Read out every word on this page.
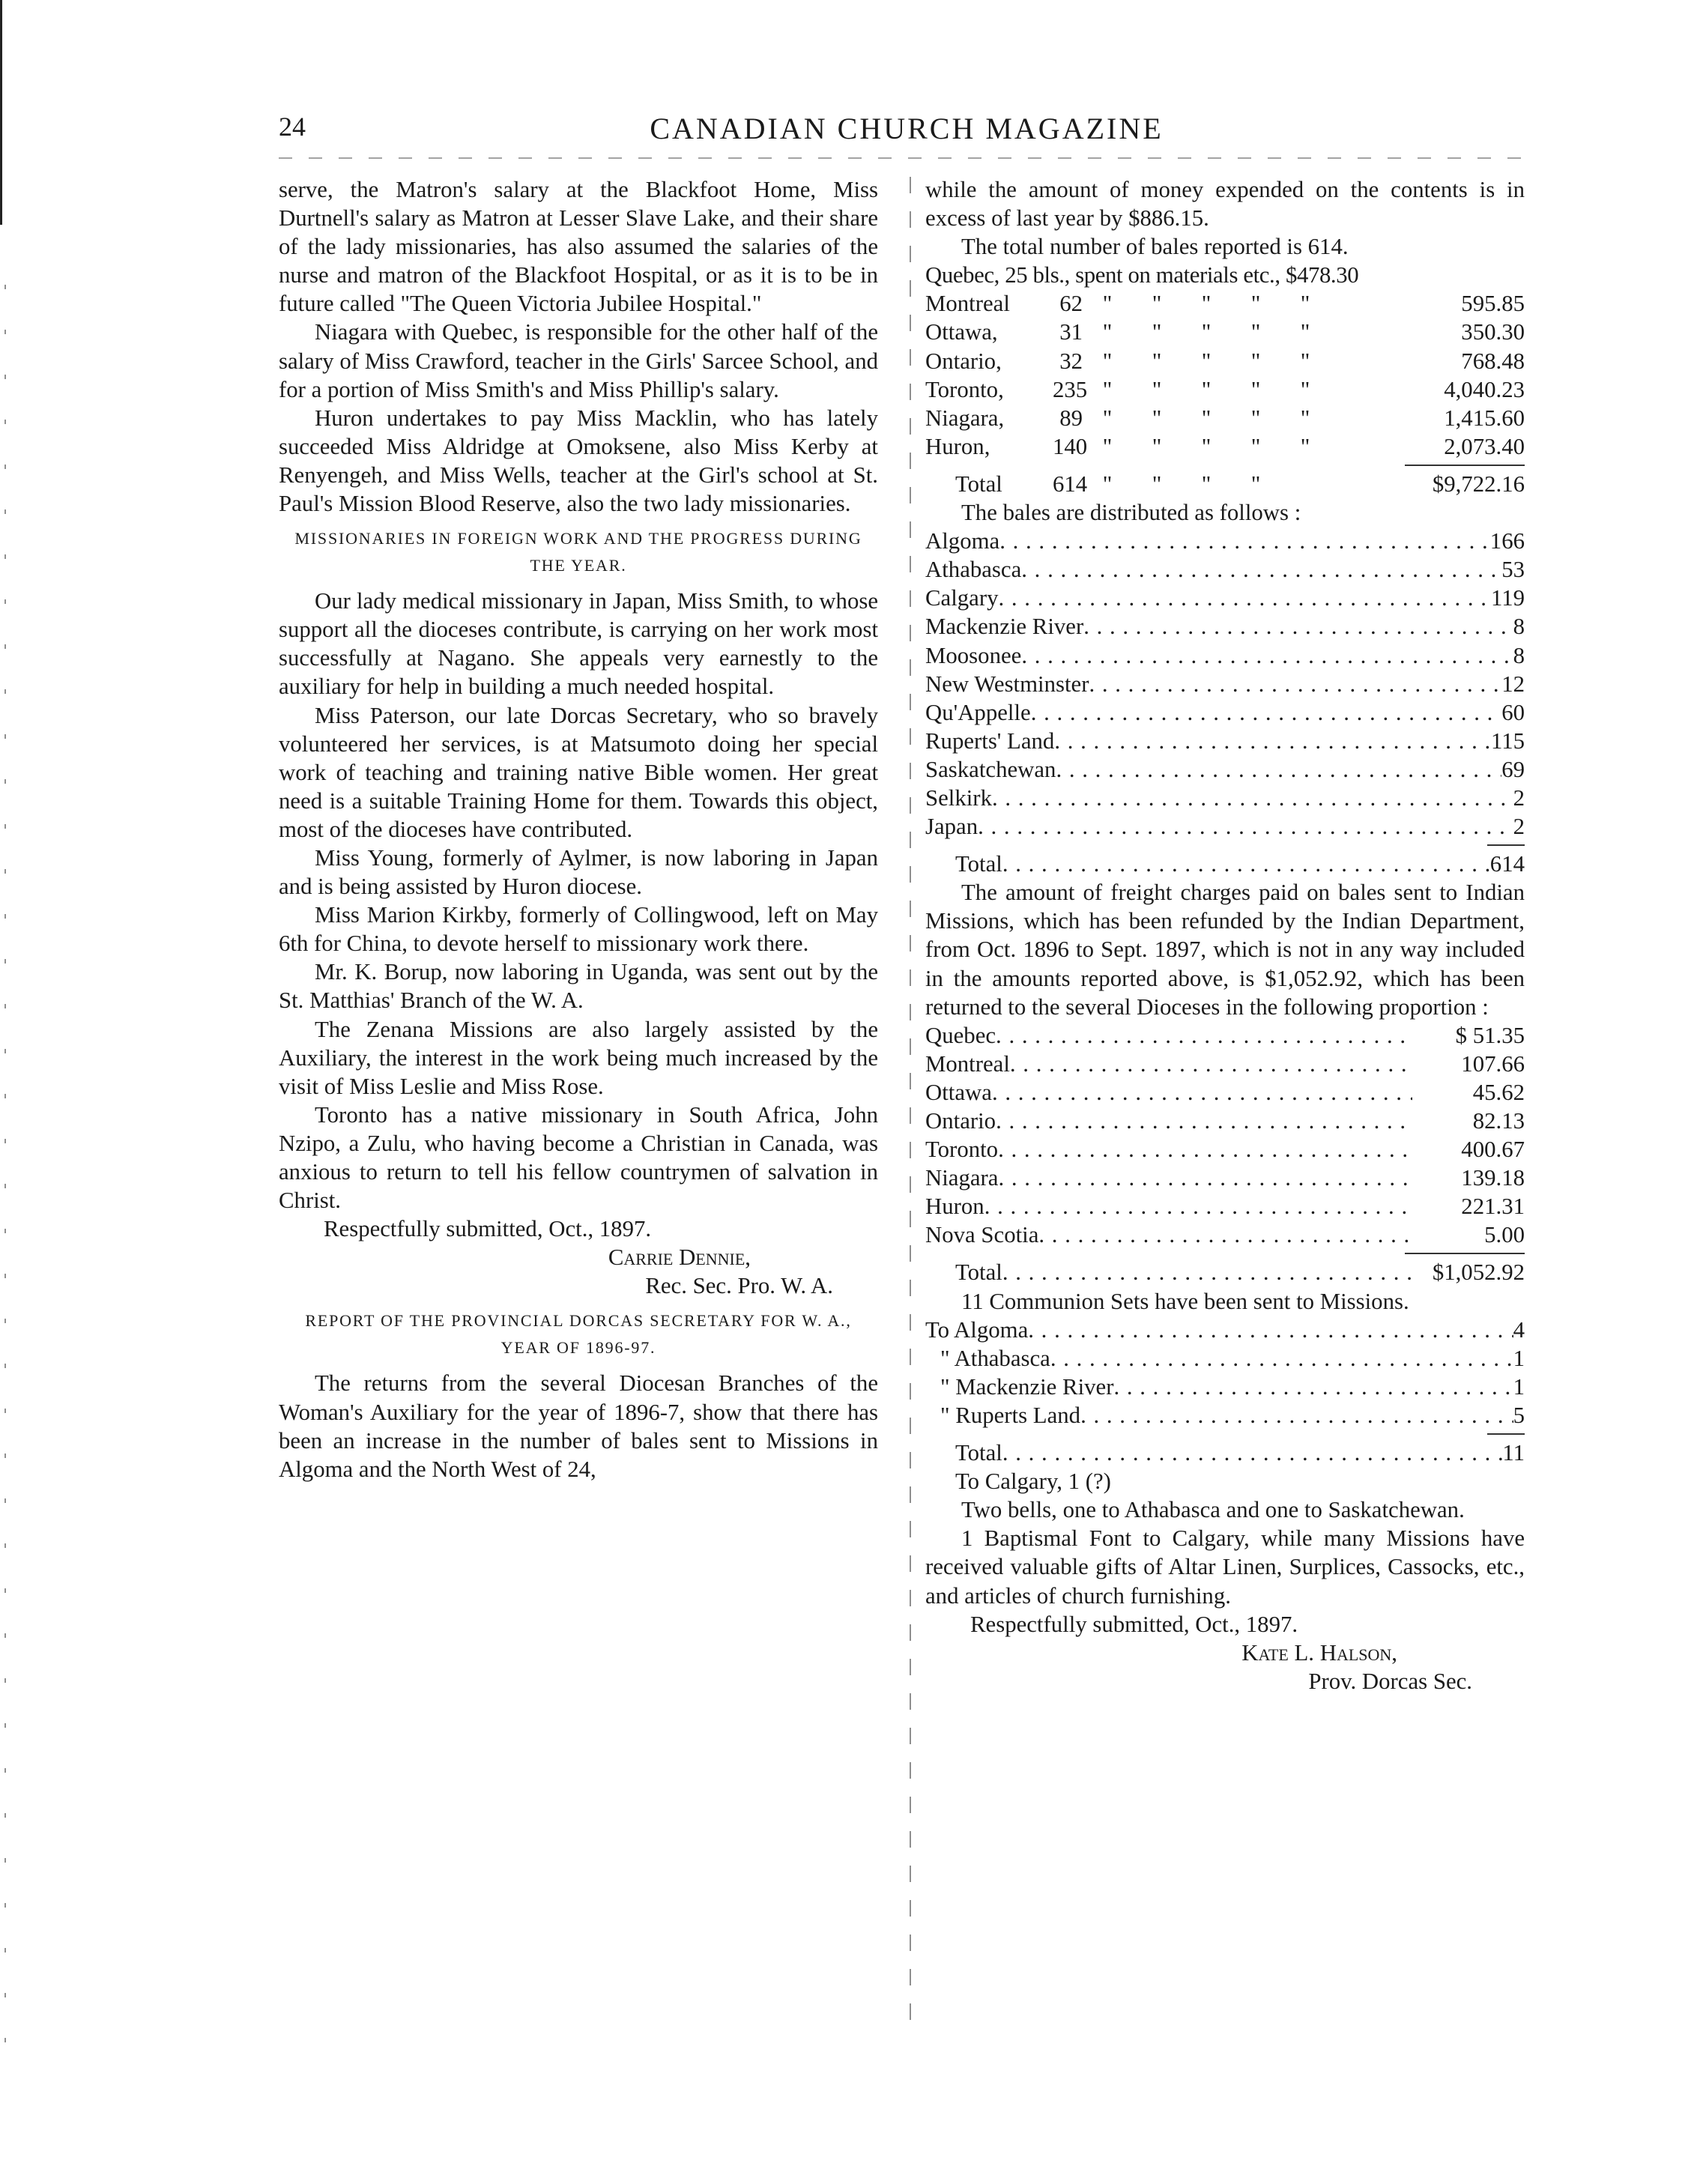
24	CANADIAN CHURCH MAGAZINE

serve, the Matron's salary at the Blackfoot Home, Miss Durtnell's salary as Matron at Lesser Slave Lake, and their share of the lady missionaries, has also assumed the salaries of the nurse and matron of the Blackfoot Hospital, or as it is to be in future called "The Queen Victoria Jubilee Hospital."

Niagara with Quebec, is responsible for the other half of the salary of Miss Crawford, teacher in the Girls' Sarcee School, and for a portion of Miss Smith's and Miss Phillip's salary.

Huron undertakes to pay Miss Macklin, who has lately succeeded Miss Aldridge at Omoksene, also Miss Kerby at Renyengeh, and Miss Wells, teacher at the Girl's school at St. Paul's Mission Blood Reserve, also the two lady missionaries.

MISSIONARIES IN FOREIGN WORK AND THE PROGRESS DURING THE YEAR.

Our lady medical missionary in Japan, Miss Smith, to whose support all the dioceses contribute, is carrying on her work most successfully at Nagano. She appeals very earnestly to the auxiliary for help in building a much needed hospital.

Miss Paterson, our late Dorcas Secretary, who so bravely volunteered her services, is at Matsumoto doing her special work of teaching and training native Bible women. Her great need is a suitable Training Home for them. Towards this object, most of the dioceses have contributed.

Miss Young, formerly of Aylmer, is now laboring in Japan and is being assisted by Huron diocese.

Miss Marion Kirkby, formerly of Collingwood, left on May 6th for China, to devote herself to missionary work there.

Mr. K. Borup, now laboring in Uganda, was sent out by the St. Matthias' Branch of the W. A.

The Zenana Missions are also largely assisted by the Auxiliary, the interest in the work being much increased by the visit of Miss Leslie and Miss Rose.

Toronto has a native missionary in South Africa, John Nzipo, a Zulu, who having become a Christian in Canada, was anxious to return to tell his fellow countrymen of salvation in Christ.

Respectfully submitted, Oct., 1897.
Carrie Dennie,
Rec. Sec. Pro. W. A.
REPORT OF THE PROVINCIAL DORCAS SECRETARY FOR W. A., YEAR OF 1896-97.

The returns from the several Diocesan Branches of the Woman's Auxiliary for the year of 1896-7, show that there has been an increase in the number of bales sent to Missions in Algoma and the North West of 24,

while the amount of money expended on the contents is in excess of last year by $886.15.

The total number of bales reported is 614.

Quebec, 25 bls., spent on materials etc., $478.30
Montreal	62 "	"	"	"	"	595.85
Ottawa,	31 "	"	"	"	"	350.30
Ontario,	32 "	"	"	"	"	768.48
Toronto,	235 "	"	"	"	"	4,040.23
Niagara,	89 "	"	"	"	"	1,415.60
Huron,	140 "	"	"	"	"	2,073.40
Total	614 "	"	"	"	$9,722.16

The bales are distributed as follows :

Algoma . . .	166
Athabasca . . .	53
Calgary . . .	119
Mackenzie River . . .	8
Moosonee . . .	8
New Westminster . . .	12
Qu'Appelle . . .	60
Ruperts' Land . . .	115
Saskatchewan . . .	69
Selkirk . . .	2
Japan . . .	2
Total . . .	614

The amount of freight charges paid on bales sent to Indian Missions, which has been refunded by the Indian Department, from Oct. 1896 to Sept. 1897, which is not in any way included in the amounts reported above, is $1,052.92, which has been returned to the several Dioceses in the following proportion :

Quebec . . .	$ 51.35
Montreal . . .	107.66
Ottawa . . .	45.62
Ontario . . .	82.13
Toronto . . .	400.67
Niagara . . .	139.18
Huron . . .	221.31
Nova Scotia . . .	5.00
Total . . .	$1,052.92

11 Communion Sets have been sent to Missions.

To Algoma . . .	4
" Athabasca . . .	1
" Mackenzie River . . .	1
" Ruperts Land . . .	5
Total . . .	11
To Calgary, 1 (?)

Two bells, one to Athabasca and one to Saskatchewan.

1 Baptismal Font to Calgary, while many Missions have received valuable gifts of Altar Linen, Surplices, Cassocks, etc., and articles of church furnishing.

Respectfully submitted, Oct., 1897.
Kate L. Halson,
Prov. Dorcas Sec.
